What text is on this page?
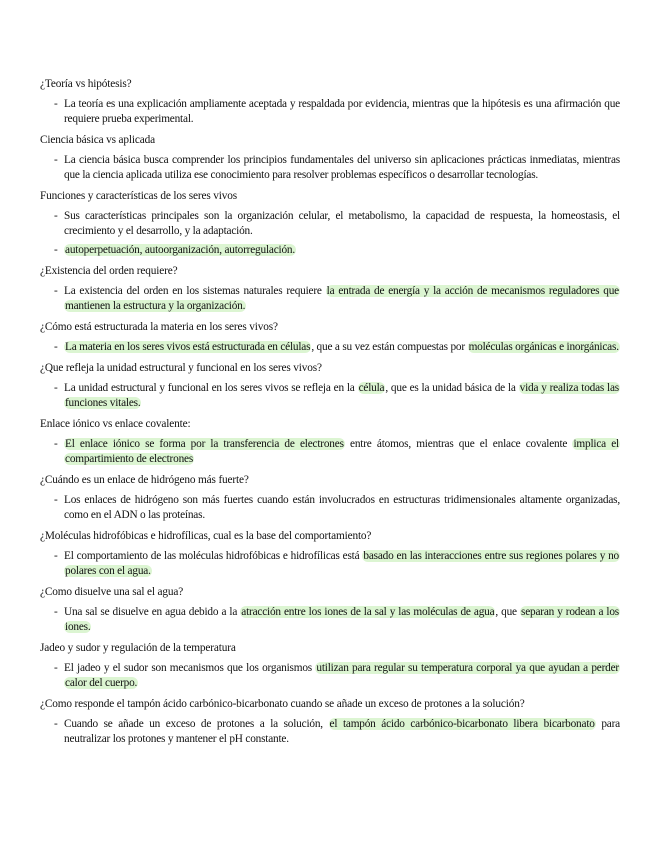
¿Teoría vs hipótesis?
- La teoría es una explicación ampliamente aceptada y respaldada por evidencia, mientras que la hipótesis es una afirmación que requiere prueba experimental.
Ciencia básica vs aplicada
- La ciencia básica busca comprender los principios fundamentales del universo sin aplicaciones prácticas inmediatas, mientras que la ciencia aplicada utiliza ese conocimiento para resolver problemas específicos o desarrollar tecnologías.
Funciones y características de los seres vivos
- Sus características principales son la organización celular, el metabolismo, la capacidad de respuesta, la homeostasis, el crecimiento y el desarrollo, y la adaptación.
- autoperpetuación, autoorganización, autorregulación.
¿Existencia del orden requiere?
- La existencia del orden en los sistemas naturales requiere la entrada de energía y la acción de mecanismos reguladores que mantienen la estructura y la organización.
¿Cómo está estructurada la materia en los seres vivos?
- La materia en los seres vivos está estructurada en células, que a su vez están compuestas por moléculas orgánicas e inorgánicas.
¿Que refleja la unidad estructural y funcional en los seres vivos?
- La unidad estructural y funcional en los seres vivos se refleja en la célula, que es la unidad básica de la vida y realiza todas las funciones vitales.
Enlace iónico vs enlace covalente:
- El enlace iónico se forma por la transferencia de electrones entre átomos, mientras que el enlace covalente implica el compartimiento de electrones
¿Cuándo es un enlace de hidrógeno más fuerte?
- Los enlaces de hidrógeno son más fuertes cuando están involucrados en estructuras tridimensionales altamente organizadas, como en el ADN o las proteínas.
¿Moléculas hidrofóbicas e hidrofílicas, cual es la base del comportamiento?
- El comportamiento de las moléculas hidrofóbicas e hidrofílicas está basado en las interacciones entre sus regiones polares y no polares con el agua.
¿Como disuelve una sal el agua?
- Una sal se disuelve en agua debido a la atracción entre los iones de la sal y las moléculas de agua, que separan y rodean a los iones.
Jadeo y sudor y regulación de la temperatura
- El jadeo y el sudor son mecanismos que los organismos utilizan para regular su temperatura corporal ya que ayudan a perder calor del cuerpo.
¿Como responde el tampón ácido carbónico-bicarbonato cuando se añade un exceso de protones a la solución?
- Cuando se añade un exceso de protones a la solución, el tampón ácido carbónico-bicarbonato libera bicarbonato para neutralizar los protones y mantener el pH constante.
